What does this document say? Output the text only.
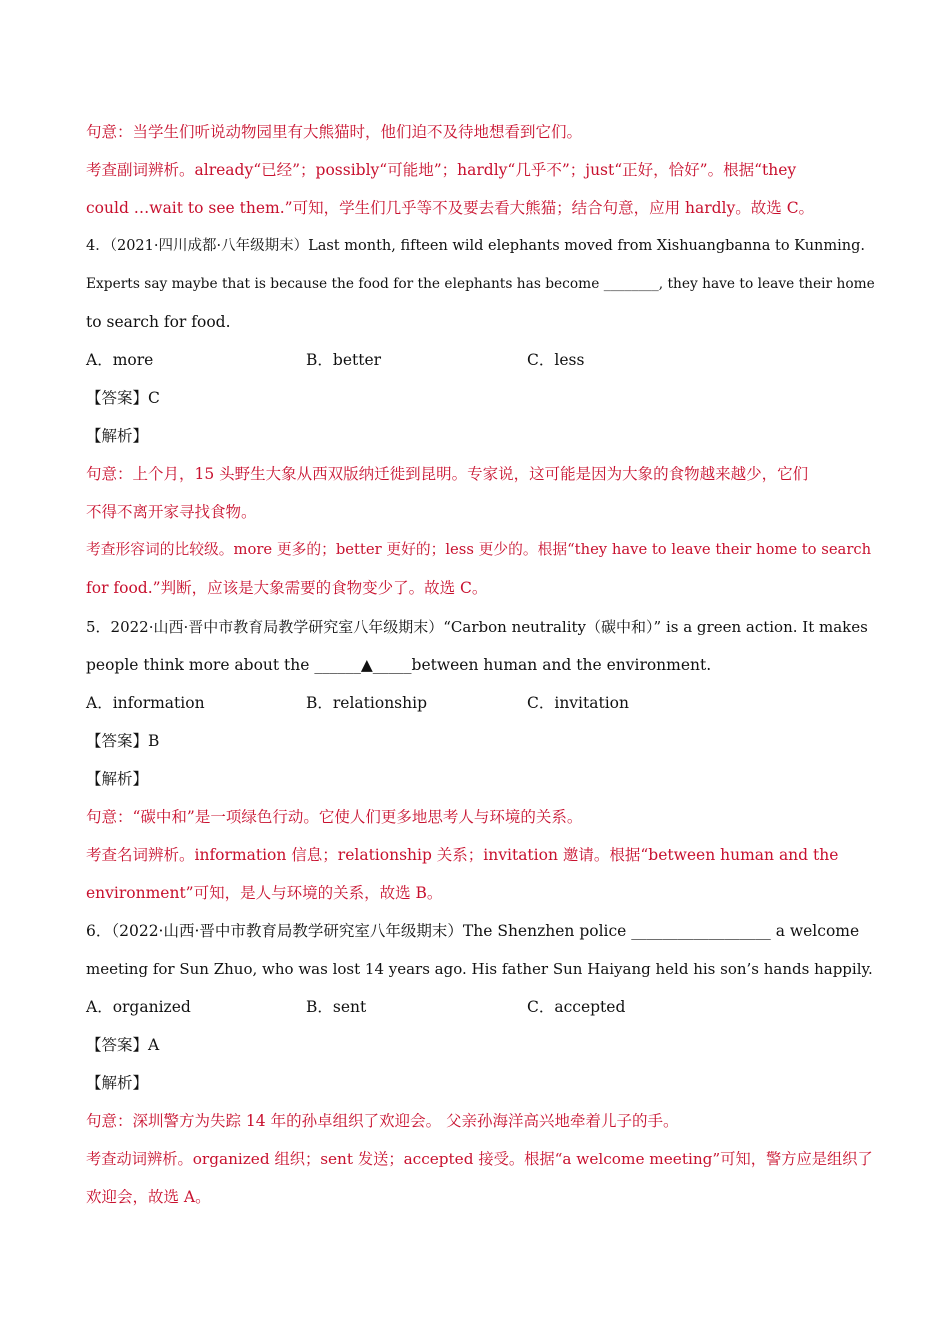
句意：当学生们听说动物园里有大熊猫时，他们迫不及待地想看到它们。
考查副词辨析。already“已经”；possibly“可能地”；hardly“几乎不”；just“正好，恰好”。根据“they
could …wait to see them.”可知，学生们几乎等不及要去看大熊猫；结合句意，应用 hardly。故选 C。
4．（2021·四川成都·八年级期末）Last month, fifteen wild elephants moved from Xishuangbanna to Kunming.
Experts say maybe that is because the food for the elephants has become ________, they have to leave their home
to search for food.
A．more	B．better	C．less
【答案】C
【解析】
句意：上个月，15 头野生大象从西双版纳迁徙到昆明。专家说，这可能是因为大象的食物越来越少，它们
不得不离开家寻找食物。
考查形容词的比较级。more 更多的；better 更好的；less 更少的。根据“they have to leave their home to search
for food.”判断，应该是大象需要的食物变少了。故选 C。
5．2022·山西·晋中市教育局教学研究室八年级期末）“Carbon neutrality（碳中和）” is a green action. It makes
people think more about the ______▲_____between human and the environment.
A．information	B．relationship	C．invitation
【答案】B
【解析】
句意：“碳中和”是一项绿色行动。它使人们更多地思考人与环境的关系。
考查名词辨析。information 信息；relationship 关系；invitation 邀请。根据“between human and the
environment”可知，是人与环境的关系，故选 B。
6．（2022·山西·晋中市教育局教学研究室八年级期末）The Shenzhen police __________________ a welcome
meeting for Sun Zhuo, who was lost 14 years ago. His father Sun Haiyang held his son’s hands happily.
A．organized	B．sent	C．accepted
【答案】A
【解析】
句意：深圳警方为失踪 14 年的孙卓组织了欢迎会。 父亲孙海洋高兴地牵着儿子的手。
考查动词辨析。organized 组织；sent 发送；accepted 接受。根据“a welcome meeting”可知，警方应是组织了
欢迎会，故选 A。
